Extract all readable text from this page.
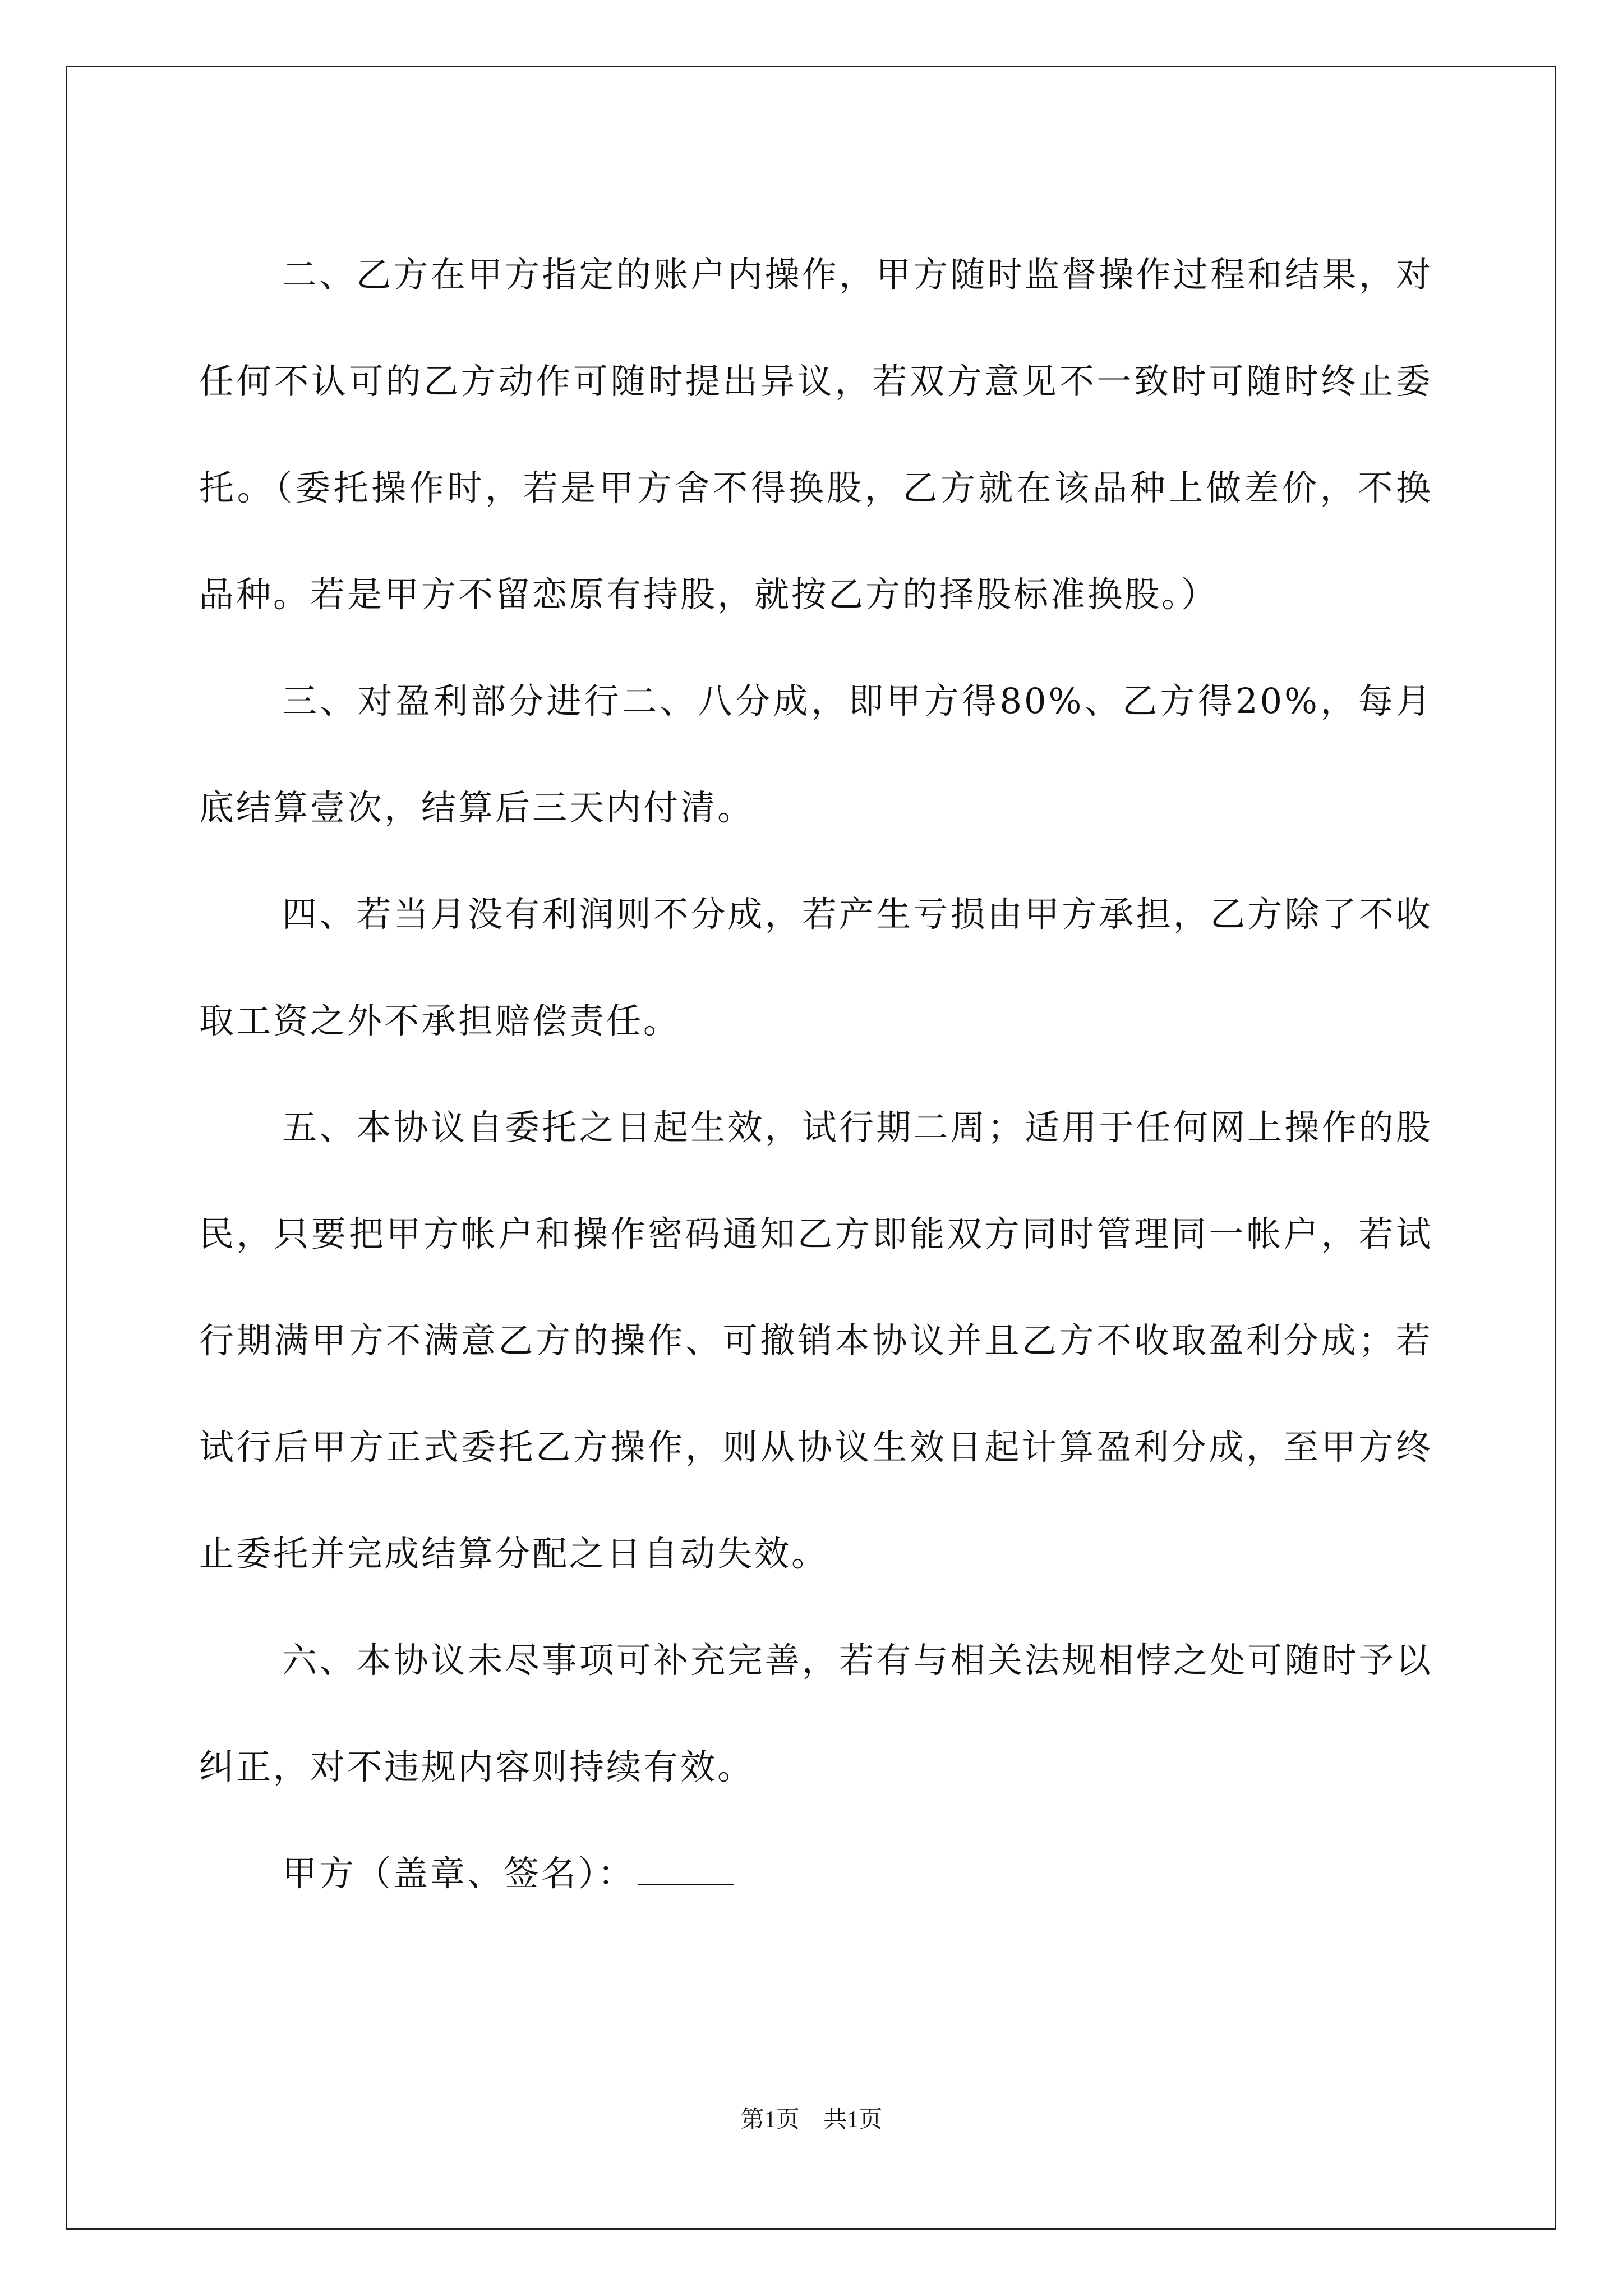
二、乙方在甲方指定的账户内操作，甲方随时监督操作过程和结果，对任何不认可的乙方动作可随时提出异议，若双方意见不一致时可随时终止委托。（委托操作时，若是甲方舍不得换股，乙方就在该品种上做差价，不换品种。若是甲方不留恋原有持股，就按乙方的择股标准换股。）

三、对盈利部分进行二、八分成，即甲方得80%、乙方得20%，每月底结算壹次，结算后三天内付清。

四、若当月没有利润则不分成，若产生亏损由甲方承担，乙方除了不收取工资之外不承担赔偿责任。

五、本协议自委托之日起生效，试行期二周；适用于任何网上操作的股民，只要把甲方帐户和操作密码通知乙方即能双方同时管理同一帐户，若试行期满甲方不满意乙方的操作、可撤销本协议并且乙方不收取盈利分成；若试行后甲方正式委托乙方操作，则从协议生效日起计算盈利分成，至甲方终止委托并完成结算分配之日自动失效。

六、本协议未尽事项可补充完善，若有与相关法规相悖之处可随时予以纠正，对不违规内容则持续有效。

甲方（盖章、签名）：

第1页 共1页
